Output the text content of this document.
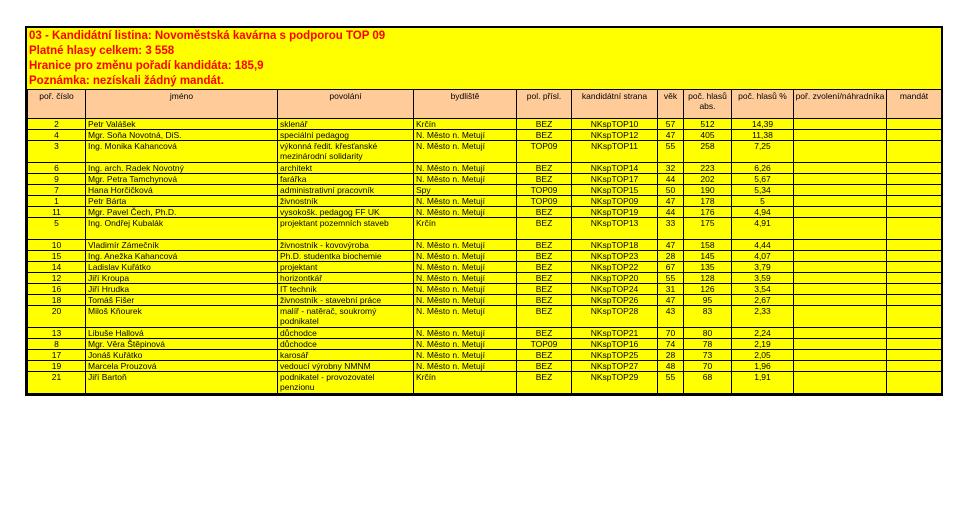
03 - Kandidátní listina: Novoměstská kavárna s podporou TOP 09
Platné hlasy celkem: 3 558
Hranice pro změnu pořadí kandidáta: 185,9
Poznámka: nezískali žádný mandát.
poř. číslo	jméno	povolání	bydliště	pol. přísl.	kandidátní strana	věk	poč. hlasů abs.	poč. hlasů %	poř. zvolení/náhradníka	mandát
2	Petr Valášek	sklenář	Krčín	BEZ	NKspTOP10	57	512	14,39		
4	Mgr. Soňa Novotná, DiS.	speciální pedagog	N. Město n. Metují	BEZ	NKspTOP12	47	405	11,38		
3	Ing. Monika Kahancová	výkonná ředit. křesťanské mezinárodní solidarity	N. Město n. Metují	TOP09	NKspTOP11	55	258	7,25		
6	Ing. arch. Radek Novotný	architekt	N. Město n. Metují	BEZ	NKspTOP14	32	223	6,26		
9	Mgr. Petra Tamchynová	farářka	N. Město n. Metují	BEZ	NKspTOP17	44	202	5,67		
7	Hana Horčičková	administrativní pracovník	Spy	TOP09	NKspTOP15	50	190	5,34		
1	Petr Bárta	živnostník	N. Město n. Metují	TOP09	NKspTOP09	47	178	5		
11	Mgr. Pavel Čech, Ph.D.	vysokošk. pedagog FF UK	N. Město n. Metují	BEZ	NKspTOP19	44	176	4,94		
5	Ing. Ondřej Kubalák	projektant pozemních staveb	Krčín	BEZ	NKspTOP13	33	175	4,91		
10	Vladimír Zámečník	živnostník - kovovýroba	N. Město n. Metují	BEZ	NKspTOP18	47	158	4,44		
15	Ing. Anežka Kahancová	Ph.D. studentka biochemie	N. Město n. Metují	BEZ	NKspTOP23	28	145	4,07		
14	Ladislav Kuřátko	projektant	N. Město n. Metují	BEZ	NKspTOP22	67	135	3,79		
12	Jiří Kroupa	horizontkář	N. Město n. Metují	BEZ	NKspTOP20	55	128	3,59		
16	Jiří Hrudka	IT technik	N. Město n. Metují	BEZ	NKspTOP24	31	126	3,54		
18	Tomáš Fišer	živnostník - stavební práce	N. Město n. Metují	BEZ	NKspTOP26	47	95	2,67		
20	Miloš Kňourek	malíř - natěrač, soukromý podnikatel	N. Město n. Metují	BEZ	NKspTOP28	43	83	2,33		
13	Libuše Hallová	důchodce	N. Město n. Metují	BEZ	NKspTOP21	70	80	2,24		
8	Mgr. Věra Štěpinová	důchodce	N. Město n. Metují	TOP09	NKspTOP16	74	78	2,19		
17	Jonáš Kuřátko	karosář	N. Město n. Metují	BEZ	NKspTOP25	28	73	2,05		
19	Marcela Prouzová	vedoucí výrobny NMNM	N. Město n. Metují	BEZ	NKspTOP27	48	70	1,96		
21	Jiří Bartoň	podnikatel - provozovatel penzionu	Krčín	BEZ	NKspTOP29	55	68	1,91		
